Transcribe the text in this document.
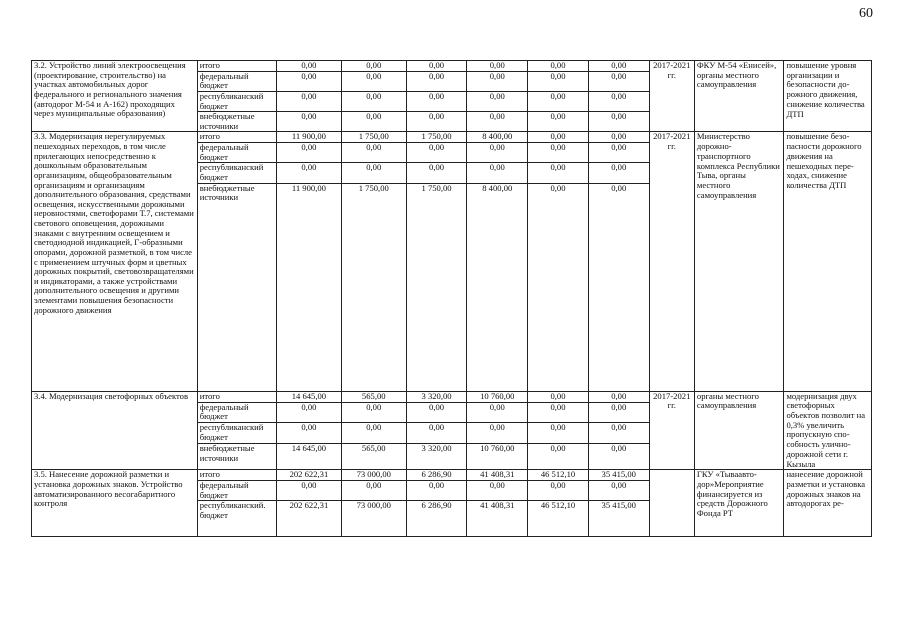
60
3.2. Устройство линий электроосвещения (проектирование, строительство) на участках автомобильных дорог федерального и регионального значения (автодорог М-54 и А-162) проходящих через муниципальные образования)	итого	0,00	0,00	0,00	0,00	0,00	0,00	2017-2021 гг.	ФКУ М-54 «Енисей», органы местного самоуправления	повышение уровня организации и безопасности дорожного движения, снижение количества ДТП
	федеральный бюджет	0,00	0,00	0,00	0,00	0,00	0,00			
	республиканский бюджет	0,00	0,00	0,00	0,00	0,00	0,00			
	внебюджетные источники	0,00	0,00	0,00	0,00	0,00	0,00			
3.3. Модернизация нерегулируемых пешеходных переходов, в том числе прилегающих непосредственно к дошкольным образовательным организациям, общеобразовательным организациям и организациям дополнительного образования, средствами освещения, искусственными дорожными неровностями, светофорами Т.7, системами светового оповещения, дорожными знаками с внутренним освещением и светодиодной индикацией, Г-образными опорами, дорожной разметкой, в том числе с применением штучных форм и цветных дорожных покрытий, световозвращателями и индикаторами, а также устройствами дополнительного освещения и другими элементами повышения безопасности дорожного движения	итого	11 900,00	1 750,00	1 750,00	8 400,00	0,00	0,00	2017-2021 гг.	Министерство дорожно-транспортного комплекса Республики Тыва, органы местного самоуправления	повышение безопасности дорожного движения на пешеходных переходах, снижение количества ДТП
	федеральный бюджет	0,00	0,00	0,00	0,00	0,00	0,00			
	республиканский бюджет	0,00	0,00	0,00	0,00	0,00	0,00			
	внебюджетные источники	11 900,00	1 750,00	1 750,00	8 400,00	0,00	0,00			
3.4. Модернизация светофорных объектов	итого	14 645,00	565,00	3 320,00	10 760,00	0,00	0,00	2017-2021 гг.	органы местного самоуправления	модернизация двух светофорных объектов позволит на 0,3% увеличить пропускную способность улично-дорожной сети г. Кызыла
	федеральный бюджет	0,00	0,00	0,00	0,00	0,00	0,00			
	республиканский бюджет	0,00	0,00	0,00	0,00	0,00	0,00			
	внебюджетные источники	14 645,00	565,00	3 320,00	10 760,00	0,00	0,00			
3.5. Нанесение дорожной разметки и установка дорожных знаков. Устройство автоматизированного весогабаритного контроля	итого	202 622,31	73 000,00	6 286,90	41 408,31	46 512,10	35 415,00		ГКУ «Тываавтодор»Мероприятие финансируется из средств Дорожного Фонда РТ	нанесение дорожной разметки и установка дорожных знаков на автодорогах ре-
	федеральный бюджет	0,00	0,00	0,00	0,00	0,00	0,00			
	республиканский. бюджет	202 622,31	73 000,00	6 286,90	41 408,31	46 512,10	35 415,00			
